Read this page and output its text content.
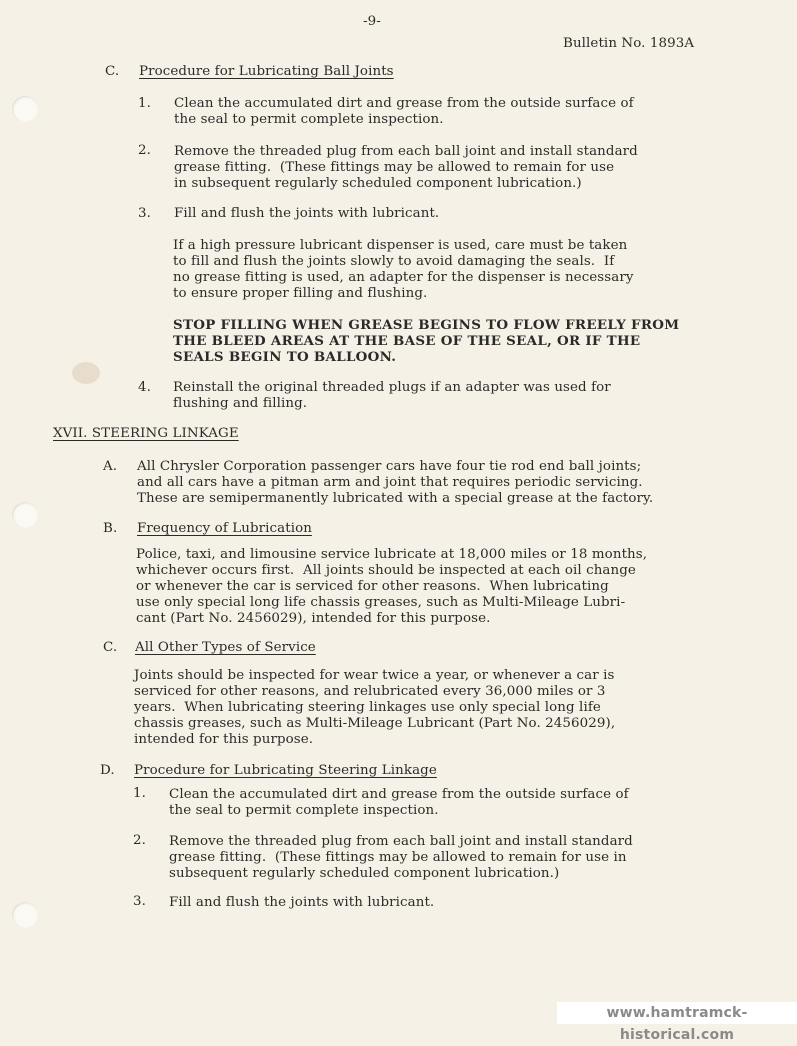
-9-
Bulletin No. 1893A
C. Procedure for Lubricating Ball Joints
1. Clean the accumulated dirt and grease from the outside surface of
the seal to permit complete inspection.
2. Remove the threaded plug from each ball joint and install standard
grease fitting.  (These fittings may be allowed to remain for use
in subsequent regularly scheduled component lubrication.)
3. Fill and flush the joints with lubricant.
If a high pressure lubricant dispenser is used, care must be taken
to fill and flush the joints slowly to avoid damaging the seals.  If
no grease fitting is used, an adapter for the dispenser is necessary
to ensure proper filling and flushing.
STOP FILLING WHEN GREASE BEGINS TO FLOW FREELY FROM
THE BLEED AREAS AT THE BASE OF THE SEAL, OR IF THE
SEALS BEGIN TO BALLOON.
4. Reinstall the original threaded plugs if an adapter was used for
flushing and filling.
XVII. STEERING LINKAGE
A. All Chrysler Corporation passenger cars have four tie rod end ball joints;
and all cars have a pitman arm and joint that requires periodic servicing.
These are semipermanently lubricated with a special grease at the factory.
B. Frequency of Lubrication
Police, taxi, and limousine service lubricate at 18,000 miles or 18 months,
whichever occurs first.  All joints should be inspected at each oil change
or whenever the car is serviced for other reasons.  When lubricating
use only special long life chassis greases, such as Multi-Mileage Lubri-
cant (Part No. 2456029), intended for this purpose.
C. All Other Types of Service
Joints should be inspected for wear twice a year, or whenever a car is
serviced for other reasons, and relubricated every 36,000 miles or 3
years.  When lubricating steering linkages use only special long life
chassis greases, such as Multi-Mileage Lubricant (Part No. 2456029),
intended for this purpose.
D. Procedure for Lubricating Steering Linkage
1. Clean the accumulated dirt and grease from the outside surface of
the seal to permit complete inspection.
2. Remove the threaded plug from each ball joint and install standard
grease fitting.  (These fittings may be allowed to remain for use in
subsequent regularly scheduled component lubrication.)
3. Fill and flush the joints with lubricant.
www.hamtramck-historical.com
